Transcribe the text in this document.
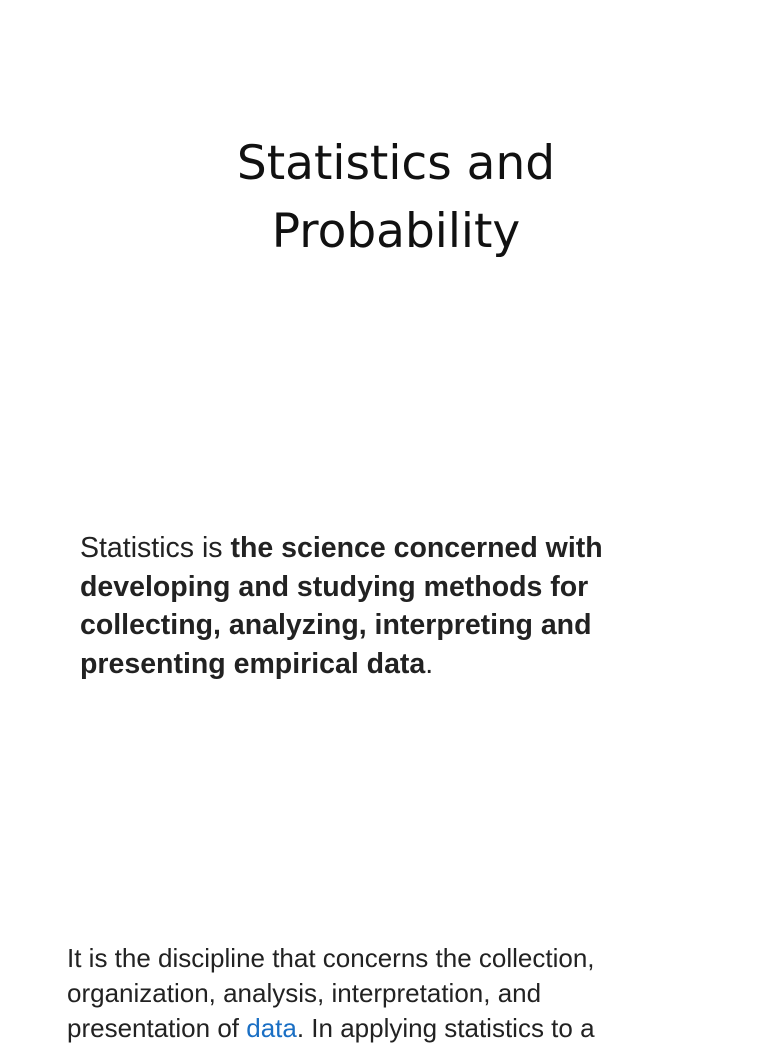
Statistics and
Probability

Statistics is the science concerned with
developing and studying methods for
collecting, analyzing, interpreting and
presenting empirical data.

It is the discipline that concerns the collection,
organization, analysis, interpretation, and
presentation of data. In applying statistics to a
